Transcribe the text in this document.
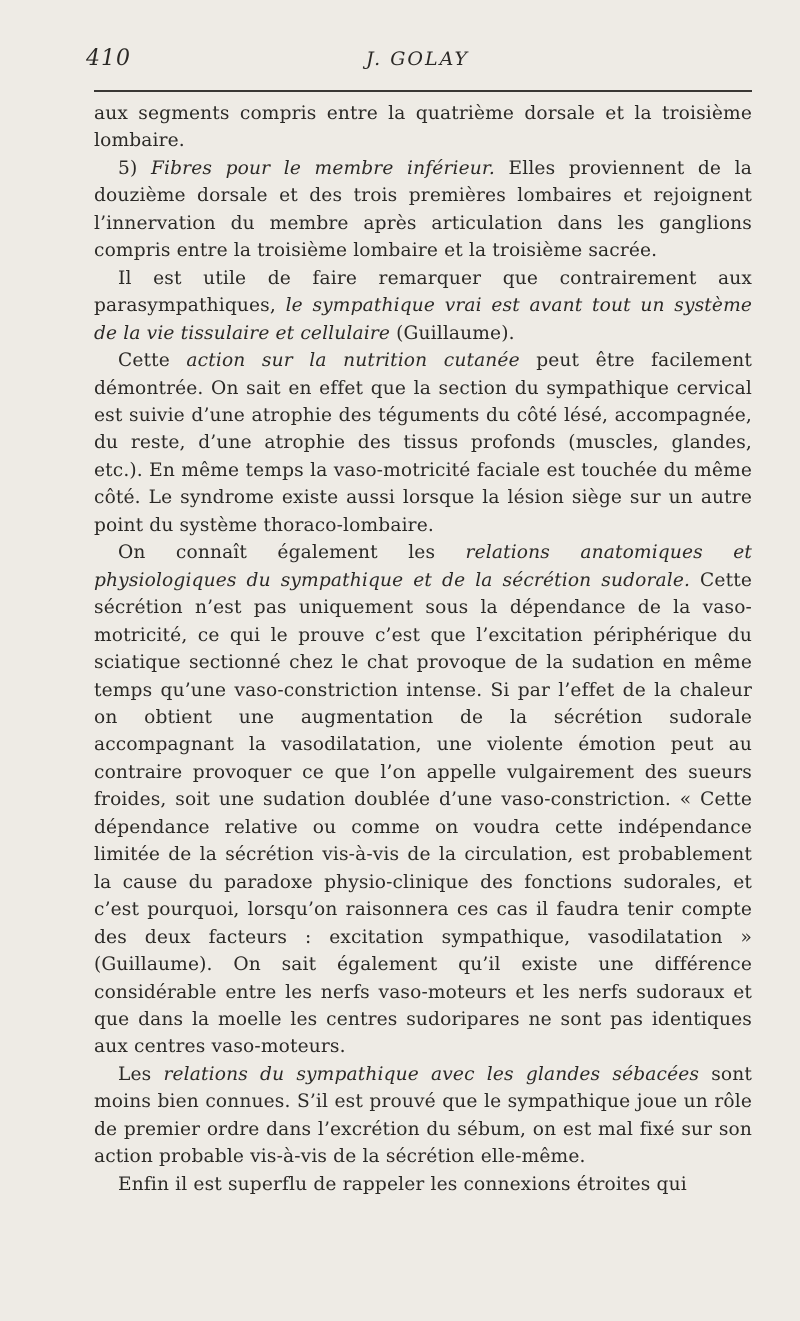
410	J. GOLAY

aux segments compris entre la quatrième dorsale et la troisième lombaire.

5) Fibres pour le membre inférieur. Elles proviennent de la douzième dorsale et des trois premières lombaires et rejoignent l’innervation du membre après articulation dans les ganglions compris entre la troisième lombaire et la troisième sacrée.

Il est utile de faire remarquer que contrairement aux parasympathiques, le sympathique vrai est avant tout un système de la vie tissulaire et cellulaire (Guillaume).

Cette action sur la nutrition cutanée peut être facilement démontrée. On sait en effet que la section du sympathique cervical est suivie d’une atrophie des téguments du côté lésé, accompagnée, du reste, d’une atrophie des tissus profonds (muscles, glandes, etc.). En même temps la vaso-motricité faciale est touchée du même côté. Le syndrome existe aussi lorsque la lésion siège sur un autre point du système thoraco-lombaire.

On connaît également les relations anatomiques et physiologiques du sympathique et de la sécrétion sudorale. Cette sécrétion n’est pas uniquement sous la dépendance de la vaso-motricité, ce qui le prouve c’est que l’excitation périphérique du sciatique sectionné chez le chat provoque de la sudation en même temps qu’une vaso-constriction intense. Si par l’effet de la chaleur on obtient une augmentation de la sécrétion sudorale accompagnant la vasodilatation, une violente émotion peut au contraire provoquer ce que l’on appelle vulgairement des sueurs froides, soit une sudation doublée d’une vaso-constriction. « Cette dépendance relative ou comme on voudra cette indépendance limitée de la sécrétion vis-à-vis de la circulation, est probablement la cause du paradoxe physio-clinique des fonctions sudorales, et c’est pourquoi, lorsqu’on raisonnera ces cas il faudra tenir compte des deux facteurs : excitation sympathique, vasodilatation » (Guillaume). On sait également qu’il existe une différence considérable entre les nerfs vaso-moteurs et les nerfs sudoraux et que dans la moelle les centres sudoripares ne sont pas identiques aux centres vaso-moteurs.

Les relations du sympathique avec les glandes sébacées sont moins bien connues. S’il est prouvé que le sympathique joue un rôle de premier ordre dans l’excrétion du sébum, on est mal fixé sur son action probable vis-à-vis de la sécrétion elle-même.

Enfin il est superflu de rappeler les connexions étroites qui
